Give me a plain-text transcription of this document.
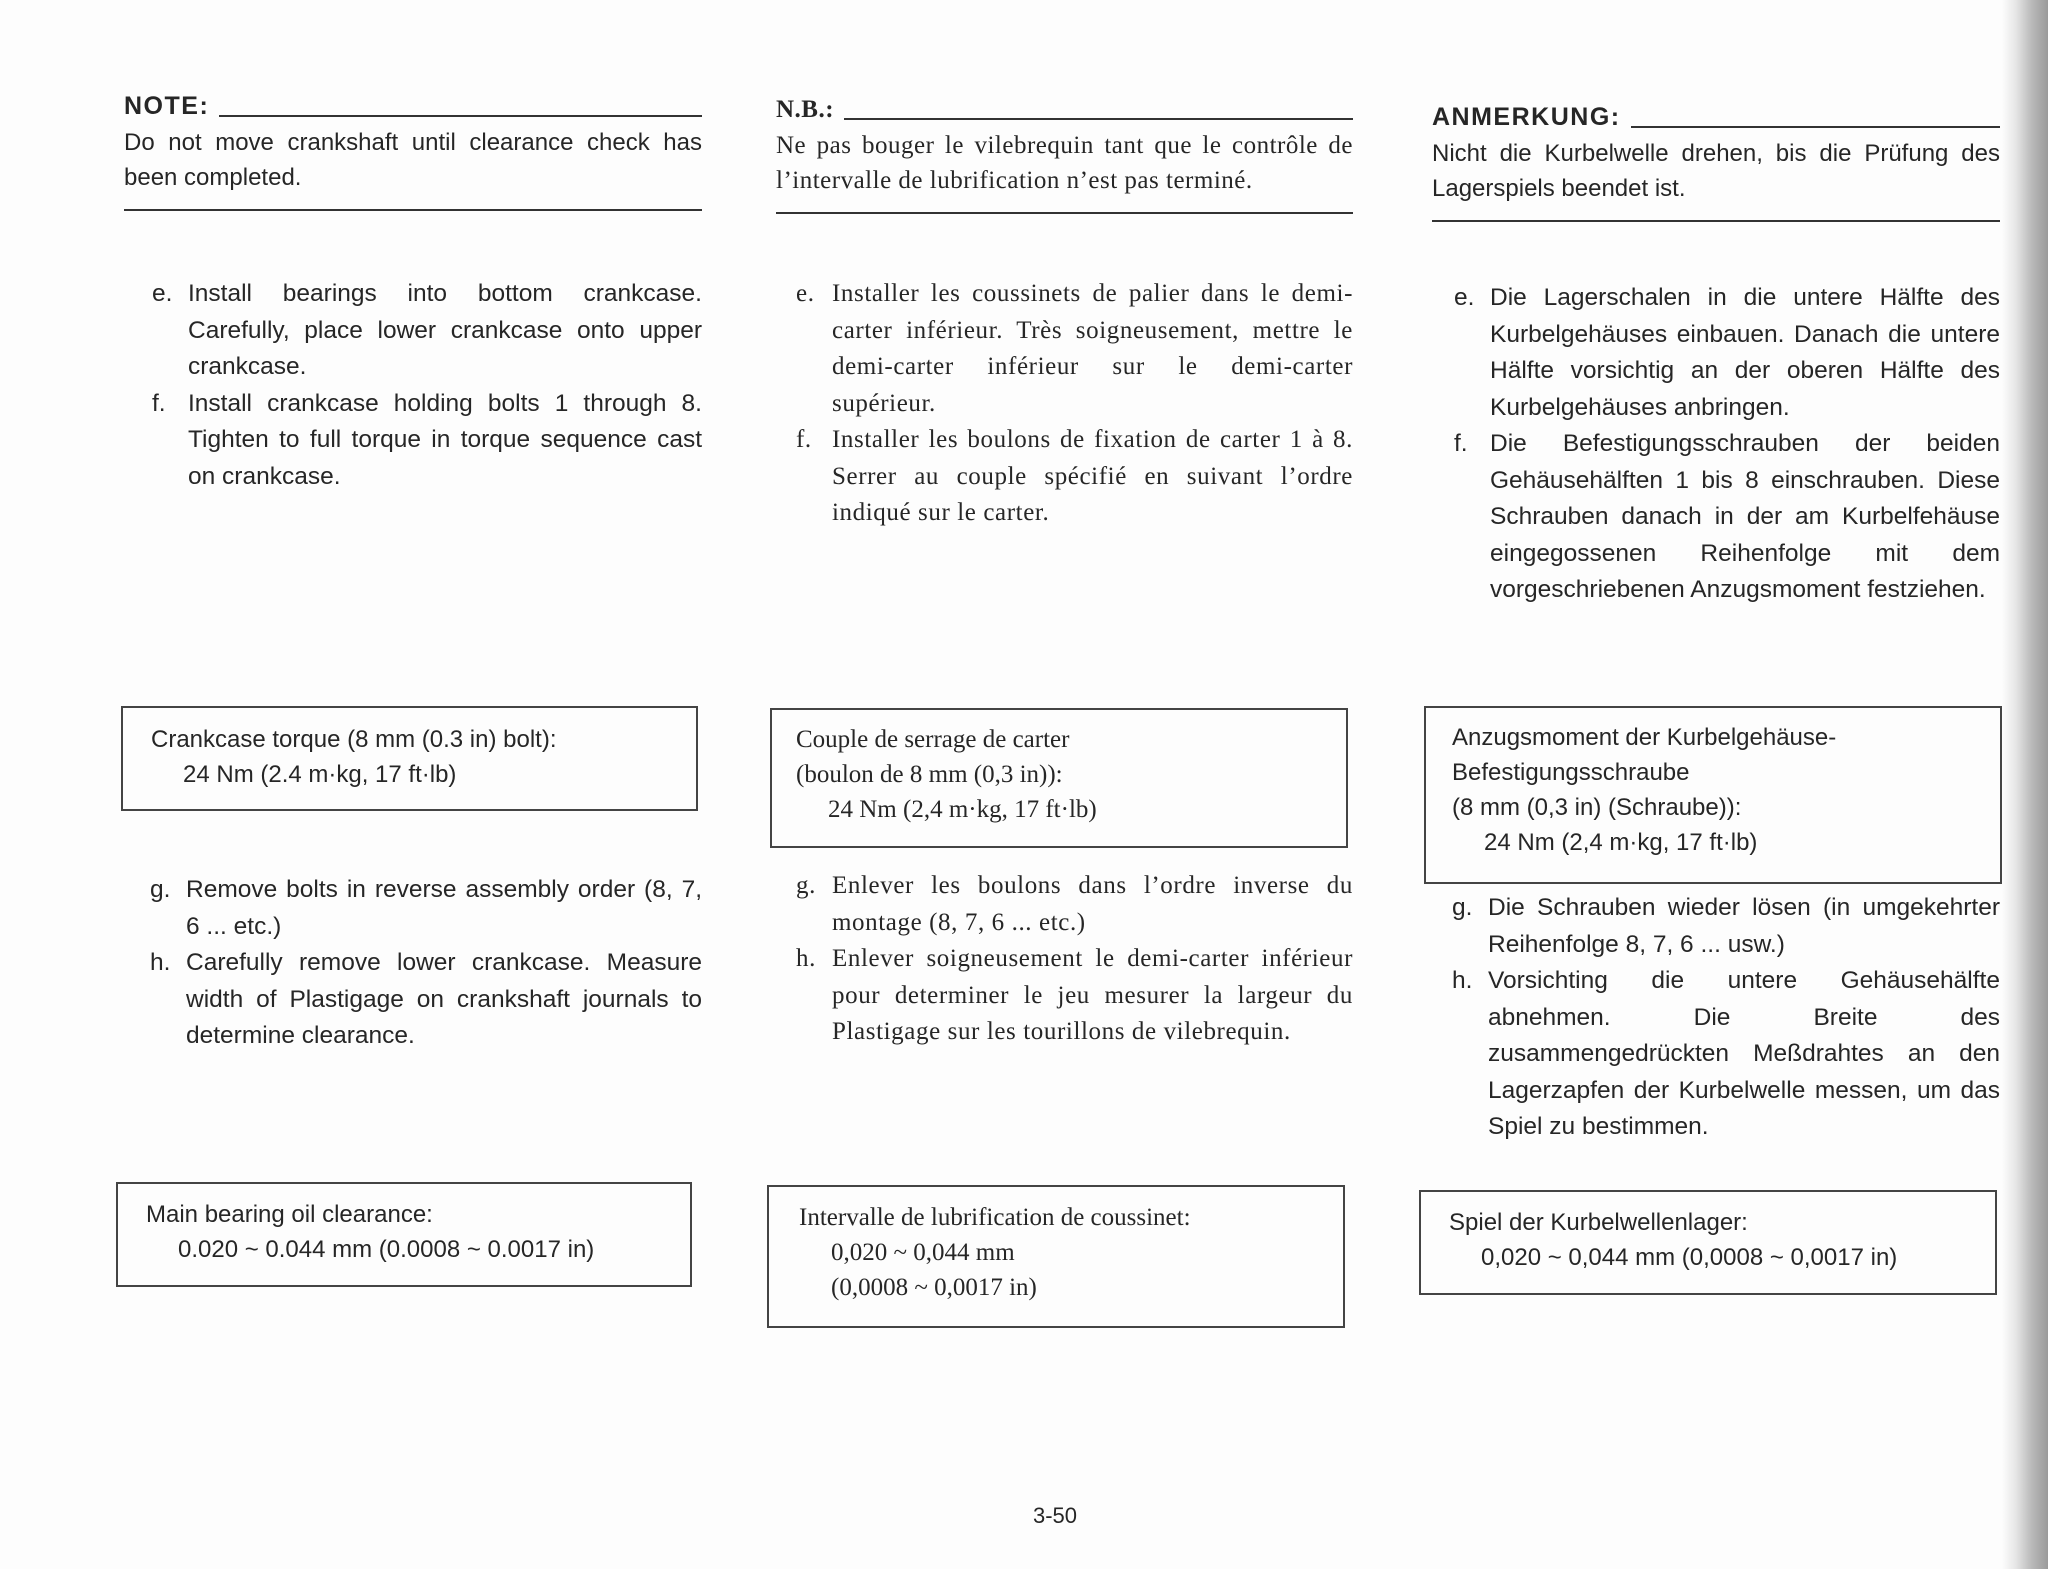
NOTE:
Do not move crankshaft until clearance check has been completed.
e. Install bearings into bottom crankcase. Carefully, place lower crankcase onto upper crankcase.
f. Install crankcase holding bolts 1 through 8. Tighten to full torque in torque sequence cast on crankcase.
Crankcase torque (8 mm (0.3 in) bolt):
24 Nm (2.4 m·kg, 17 ft·lb)
g. Remove bolts in reverse assembly order (8, 7, 6 ... etc.)
h. Carefully remove lower crankcase. Measure width of Plastigage on crankshaft journals to determine clearance.
Main bearing oil clearance:
0.020 ~ 0.044 mm (0.0008 ~ 0.0017 in)
N.B.:
Ne pas bouger le vilebrequin tant que le contrôle de l’intervalle de lubrification n’est pas terminé.
e. Installer les coussinets de palier dans le demi-carter inférieur. Très soigneusement, mettre le demi-carter inférieur sur le demi-carter supérieur.
f. Installer les boulons de fixation de carter 1 à 8. Serrer au couple spécifié en suivant l’ordre indiqué sur le carter.
Couple de serrage de carter
(boulon de 8 mm (0,3 in)):
24 Nm (2,4 m·kg, 17 ft·lb)
g. Enlever les boulons dans l’ordre inverse du montage (8, 7, 6 ... etc.)
h. Enlever soigneusement le demi-carter inférieur pour determiner le jeu mesurer la largeur du Plastigage sur les tourillons de vilebrequin.
Intervalle de lubrification de coussinet:
0,020 ~ 0,044 mm
(0,0008 ~ 0,0017 in)
ANMERKUNG:
Nicht die Kurbelwelle drehen, bis die Prüfung des Lagerspiels beendet ist.
e. Die Lagerschalen in die untere Hälfte des Kurbelgehäuses einbauen. Danach die untere Hälfte vorsichtig an der oberen Hälfte des Kurbelgehäuses anbringen.
f. Die Befestigungsschrauben der beiden Gehäusehälften 1 bis 8 einschrauben. Diese Schrauben danach in der am Kurbelfehäuse eingegossenen Reihenfolge mit dem vorgeschriebenen Anzugsmoment festziehen.
Anzugsmoment der Kurbelgehäuse-
Befestigungsschraube
(8 mm (0,3 in) (Schraube)):
24 Nm (2,4 m·kg, 17 ft·lb)
g. Die Schrauben wieder lösen (in umgekehrter Reihenfolge 8, 7, 6 ... usw.)
h. Vorsichting die untere Gehäusehälfte abnehmen. Die Breite des zusammengedrückten Meßdrahtes an den Lagerzapfen der Kurbelwelle messen, um das Spiel zu bestimmen.
Spiel der Kurbelwellenlager:
0,020 ~ 0,044 mm (0,0008 ~ 0,0017 in)
3-50
